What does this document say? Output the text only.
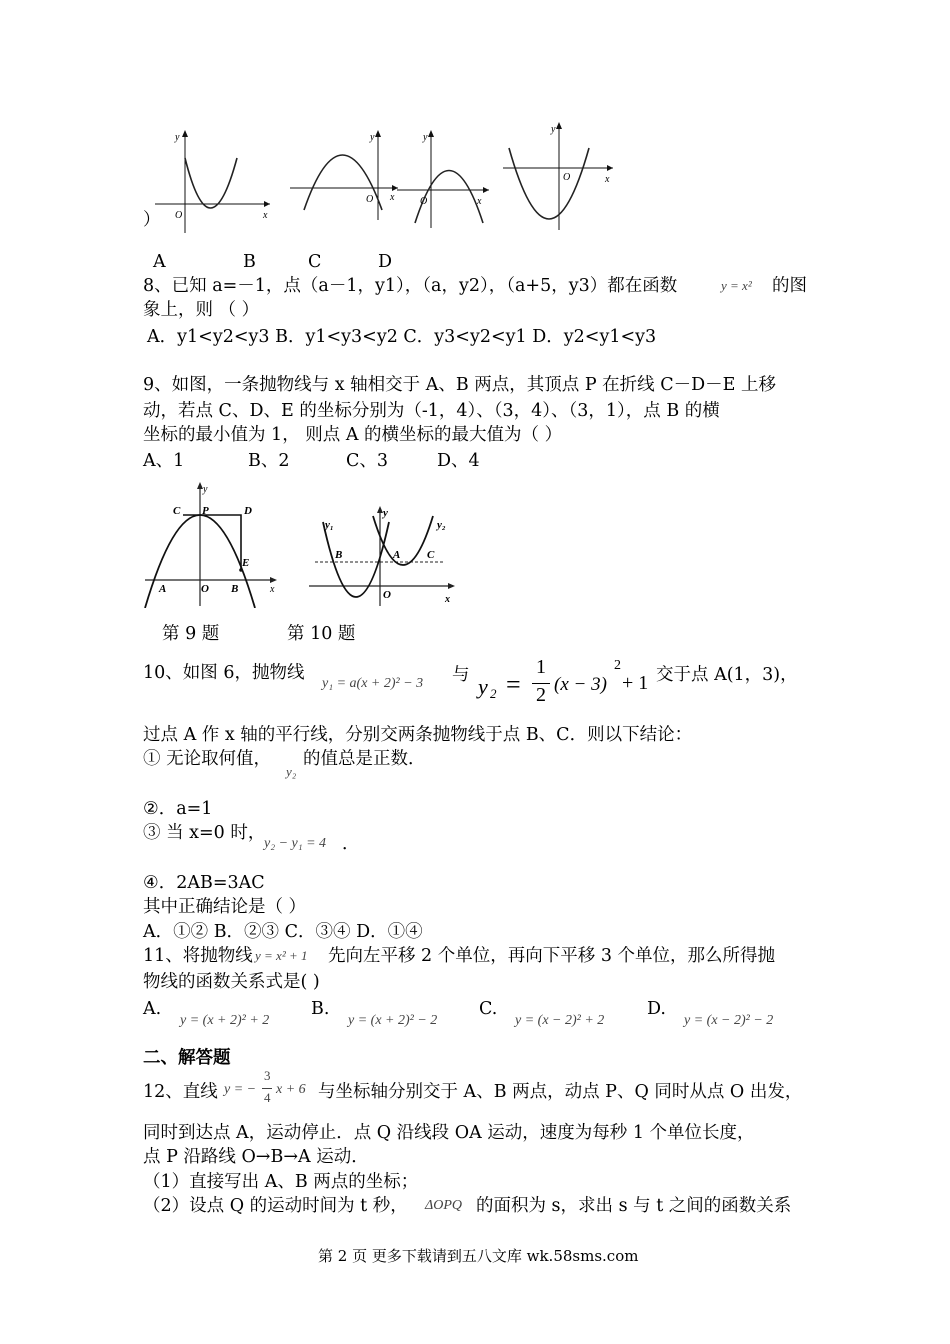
y
x
O
y
x
O
y
x
O
y
x
O
）
A	B	C	D
8、已知 a=－1，点（a－1，y1），（a，y2），（a+5，y3）都在函数	y = x² 的图
象上，则 （ ）
A．y1<y2<y3 B．y1<y3<y2 C．y3<y2<y1 D．y2<y1<y3
9、如图，一条抛物线与 x 轴相交于 A、B 两点，其顶点 P 在折线 C－D－E 上移
动，若点 C、D、E 的坐标分别为（-1，4）、（3，4）、（3，1），点 B 的横
坐标的最小值为 1， 则点 A 的横坐标的最大值为（ ）
A、1	B、2	C、3	D、4
C P	D
E
A	O B	x
y
y₁
y
y₂
B	A C
O	x
第 9 题	第 10 题
10、如图 6，抛物线
y₁ = a(x + 2)² − 3 与 y 2 =
1
2 (x − 3)
2
+ 1 交于点 A(1，3)，
过点 A 作 x 轴的平行线，分别交两条抛物线于点 B、C．则以下结论：
① 无论取何值，
y₂
的值总是正数．
②．a=1
③ 当 x=0 时，
y₂ − y₁ = 4 ．
④．2AB=3AC
其中正确结论是（ ）
A．①② B．②③ C．③④ D．①④
11、将抛物线 y = x² + 1 先向左平移 2 个单位，再向下平移 3 个单位，那么所得抛
物线的函数关系式是( )
A.
y = (x + 2)² + 2
B.
y = (x + 2)² − 2
C.
y = (x − 2)² + 2
D.
y = (x − 2)² − 2
二、解答题
12、直线 y = −
3
4
x + 6 与坐标轴分别交于 A、B 两点，动点 P、Q 同时从点 O 出发，
同时到达点 A，运动停止．点 Q 沿线段 OA 运动，速度为每秒 1 个单位长度，
点 P 沿路线 O→B→A 运动．
（1）直接写出 A、B 两点的坐标；
（2）设点 Q 的运动时间为 t 秒， ΔOPQ 的面积为 s，求出 s 与 t 之间的函数关系
第 2 页 更多下载请到五八文库 wk.58sms.com
